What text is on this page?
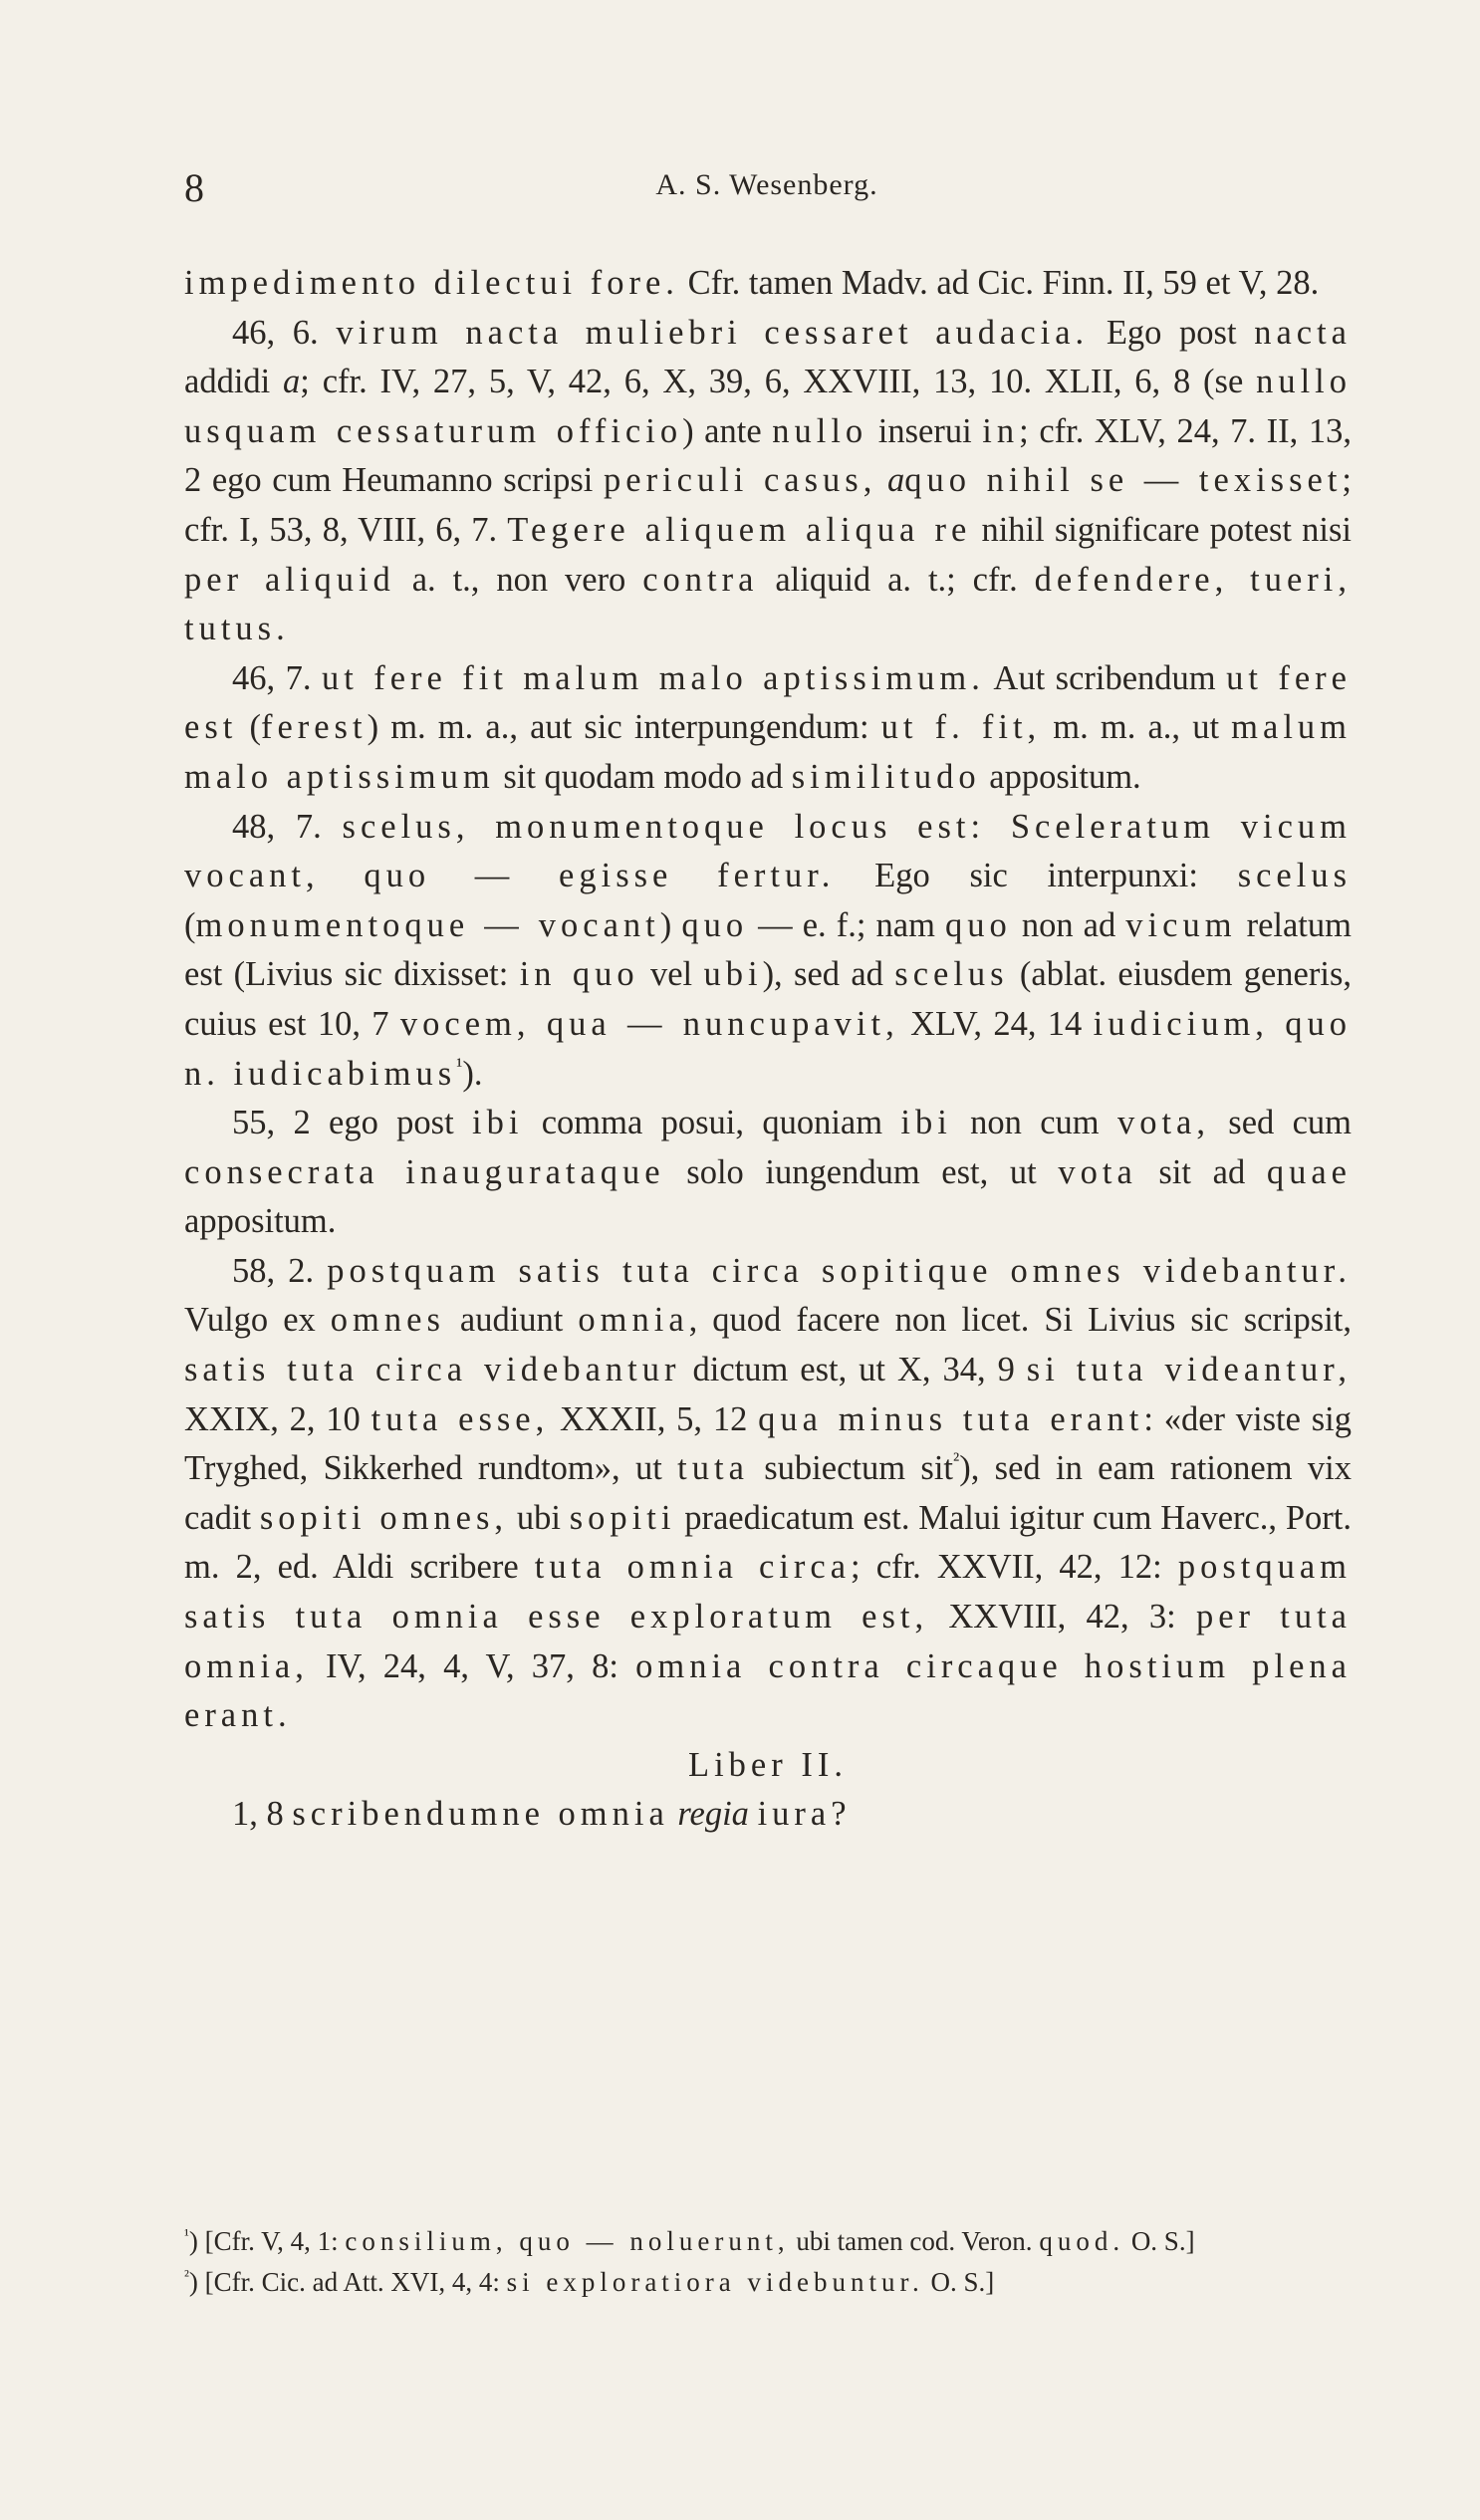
8	A. S. Wesenberg.

impedimento dilectui fore. Cfr. tamen Madv. ad Cic. Finn. II, 59 et V, 28.

46, 6. virum nacta muliebri cessaret audacia. Ego post nacta addidi a; cfr. IV, 27, 5, V, 42, 6, X, 39, 6, XXVIII, 13, 10. XLII, 6, 8 (se nullo usquam cessaturum officio) ante nullo inserui in; cfr. XLV, 24, 7. II, 13, 2 ego cum Heumanno scripsi periculi casus, aquo nihil se — texisset; cfr. I, 53, 8, VIII, 6, 7. Tegere aliquem aliqua re nihil significare potest nisi per aliquid a. t., non vero contra aliquid a. t.; cfr. defendere, tueri, tutus.

46, 7. ut fere fit malum malo aptissimum. Aut scribendum ut fere est (ferest) m. m. a., aut sic interpungendum: ut f. fit, m. m. a., ut malum malo aptissimum sit quodam modo ad similitudo appositum.

48, 7. scelus, monumentoque locus est: Sceleratum vicum vocant, quo — egisse fertur. Ego sic interpunxi: scelus (monumentoque — vocant) quo — e. f.; nam quo non ad vicum relatum est (Livius sic dixisset: in quo vel ubi), sed ad scelus (ablat. eiusdem generis, cuius est 10, 7 vocem, qua — nuncupavit, XLV, 24, 14 iudicium, quo n. iudicabimus$^{^1}$).

55, 2 ego post ibi comma posui, quoniam ibi non cum vota, sed cum consecrata inaugurataque solo iungendum est, ut vota sit ad quae appositum.

58, 2. postquam satis tuta circa sopitique omnes videbantur. Vulgo ex omnes audiunt omnia, quod facere non licet. Si Livius sic scripsit, satis tuta circa videbantur dictum est, ut X, 34, 9 si tuta videantur, XXIX, 2, 10 tuta esse, XXXII, 5, 12 qua minus tuta erant: «der viste sig Tryghed, Sikkerhed rundtom», ut tuta subiectum sit$^{^2}$), sed in eam rationem vix cadit sopiti omnes, ubi sopiti praedicatum est. Malui igitur cum Haverc., Port. m. 2, ed. Aldi scribere tuta omnia circa; cfr. XXVII, 42, 12: postquam satis tuta omnia esse exploratum est, XXVIII, 42, 3: per tuta omnia, IV, 24, 4, V, 37, 8: omnia contra circaque hostium plena erant.

Liber II.

1, 8 scribendumne omnia regia iura?

$^{^1}$) [Cfr. V, 4, 1: consilium, quo — noluerunt, ubi tamen cod. Veron. quod. O. S.]

$^{^2}$) [Cfr. Cic. ad Att. XVI, 4, 4: si exploratiora videbuntur. O. S.]
